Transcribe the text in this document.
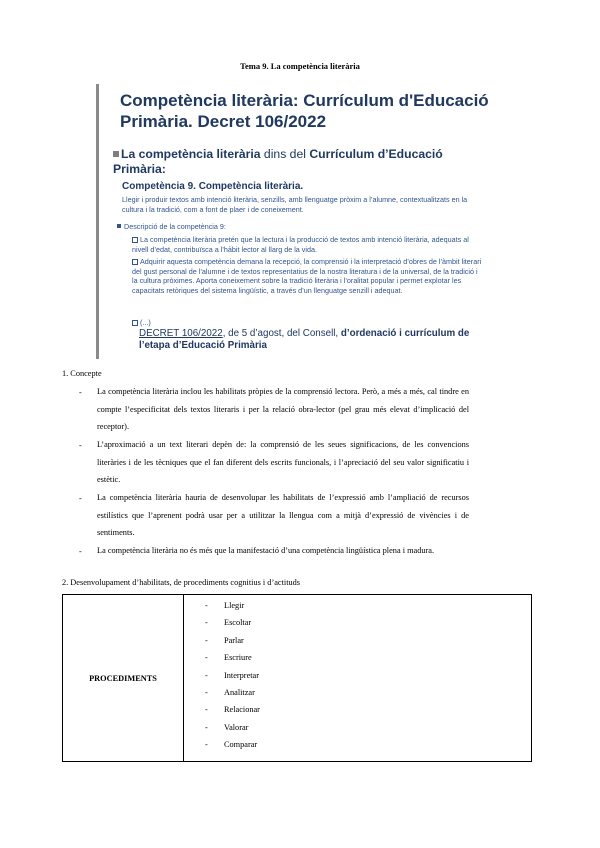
Tema 9. La competència literària
Competència literària: Currículum d'Educació Primària. Decret 106/2022
La competència literària dins del Currículum d’Educació Primària:
Competència 9. Competència literària.
Llegir i produir textos amb intenció literària, senzills, amb llenguatge pròxim a l’alumne, contextualitzats en la cultura i la tradició, com a font de plaer i de coneixement.
Descripció de la competència 9:
La competència literària pretén que la lectura i la producció de textos amb intenció literària, adequats al nivell d’edat, contribuïsca a l’hàbit lector al llarg de la vida.
Adquirir aquesta competència demana la recepció, la comprensió i la interpretació d’obres de l’àmbit literari del gust personal de l’alumne i de textos representatius de la nostra literatura i de la universal, de la tradició i la cultura pròximes. Aporta coneixement sobre la tradició literària i l’oralitat popular i permet explotar les capacitats retòriques del sistema lingüístic, a través d’un llenguatge senzill i adequat.
(...)
DECRET 106/2022, de 5 d’agost, del Consell, d’ordenació i currículum de l’etapa d’Educació Primària
1. Concepte
-	La competència literària inclou les habilitats pròpies de la comprensió lectora. Però, a més a més, cal tindre en compte l’especificitat dels textos literaris i per la relació obra-lector (pel grau més elevat d’implicació del receptor).
-	L’aproximació a un text literari depèn de: la comprensió de les seues significacions, de les convencions literàries i de les tècniques que el fan diferent dels escrits funcionals, i l’apreciació del seu valor significatiu i estètic.
-	La competència literària hauria de desenvolupar les habilitats de l’expressió amb l’ampliació de recursos estilístics que l’aprenent podrà usar per a utilitzar la llengua com a mitjà d’expressió de vivències i de sentiments.
-	La competència literària no és més que la manifestació d’una competència lingüística plena i madura.
2. Desenvolupament d’habilitats, de procediments cognitius i d’actituds
PROCEDIMENTS	
- Llegir
- Escoltar
- Parlar
- Escriure
- Interpretar
- Analitzar
- Relacionar
- Valorar
- Comparar
